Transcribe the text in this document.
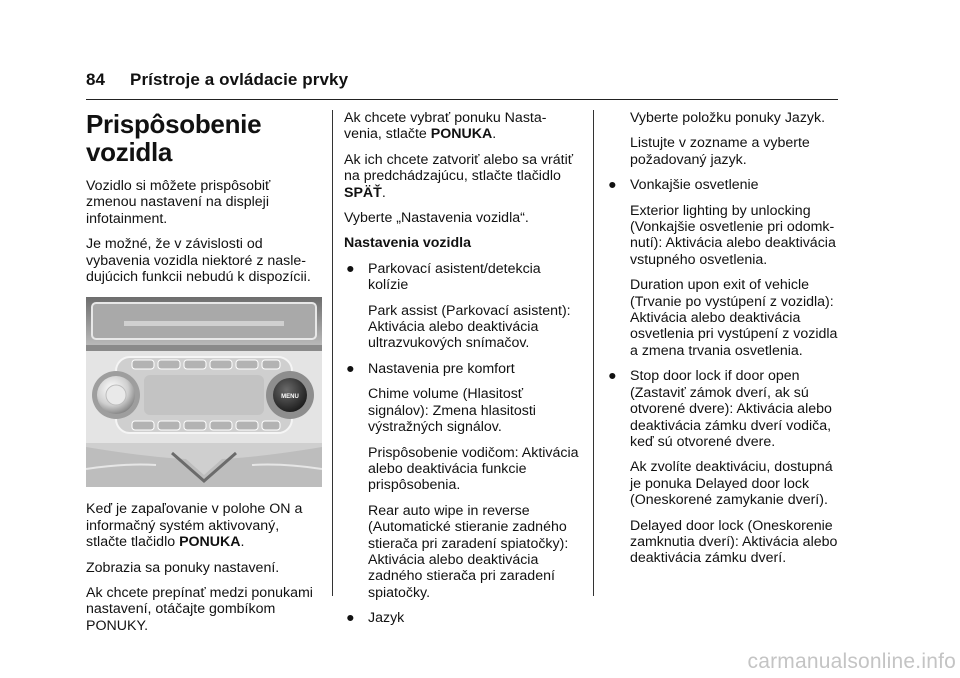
84 Prístroje a ovládacie prvky
Prispôsobenie vozidla

Vozidlo si môžete prispôsobiť zmenou nastavení na displeji infotainment.

Je možné, že v závislosti od vybavenia vozidla niektoré z nasle-dujúcich funkcii nebudú k dispozícii.

MENU

Keď je zapaľovanie v polohe ON a informačný systém aktivovaný, stlačte tlačidlo PONUKA.

Zobrazia sa ponuky nastavení.

Ak chcete prepínať medzi ponukami nastavení, otáčajte gombíkom PONUKY.

Ak chcete vybrať ponuku Nasta-venia, stlačte PONUKA.

Ak ich chcete zatvoriť alebo sa vrátiť na predchádzajúcu, stlačte tlačidlo SPÄŤ.

Vyberte „Nastavenia vozidla“.

Nastavenia vozidla

● Parkovací asistent/detekcia kolízie

Park assist (Parkovací asistent): Aktivácia alebo deaktivácia ultrazvukových snímačov.

● Nastavenia pre komfort

Chime volume (Hlasitosť signálov): Zmena hlasitosti výstražných signálov.

Prispôsobenie vodičom: Aktivácia alebo deaktivácia funkcie prispôsobenia.

Rear auto wipe in reverse (Automatické stieranie zadného stierača pri zaradení spiatočky): Aktivácia alebo deaktivácia zadného stierača pri zaradení spiatočky.

● Jazyk

Vyberte položku ponuky Jazyk.

Listujte v zozname a vyberte požadovaný jazyk.

● Vonkajšie osvetlenie

Exterior lighting by unlocking (Vonkajšie osvetlenie pri odomk-nutí): Aktivácia alebo deaktivácia vstupného osvetlenia.

Duration upon exit of vehicle (Trvanie po vystúpení z vozidla): Aktivácia alebo deaktivácia osvetlenia pri vystúpení z vozidla a zmena trvania osvetlenia.

● Stop door lock if door open (Zastaviť zámok dverí, ak sú otvorené dvere): Aktivácia alebo deaktivácia zámku dverí vodiča, keď sú otvorené dvere.

Ak zvolíte deaktiváciu, dostupná je ponuka Delayed door lock (Oneskorené zamykanie dverí).

Delayed door lock (Oneskorenie zamknutia dverí): Aktivácia alebo deaktivácia zámku dverí.

carmanualsonline.info
